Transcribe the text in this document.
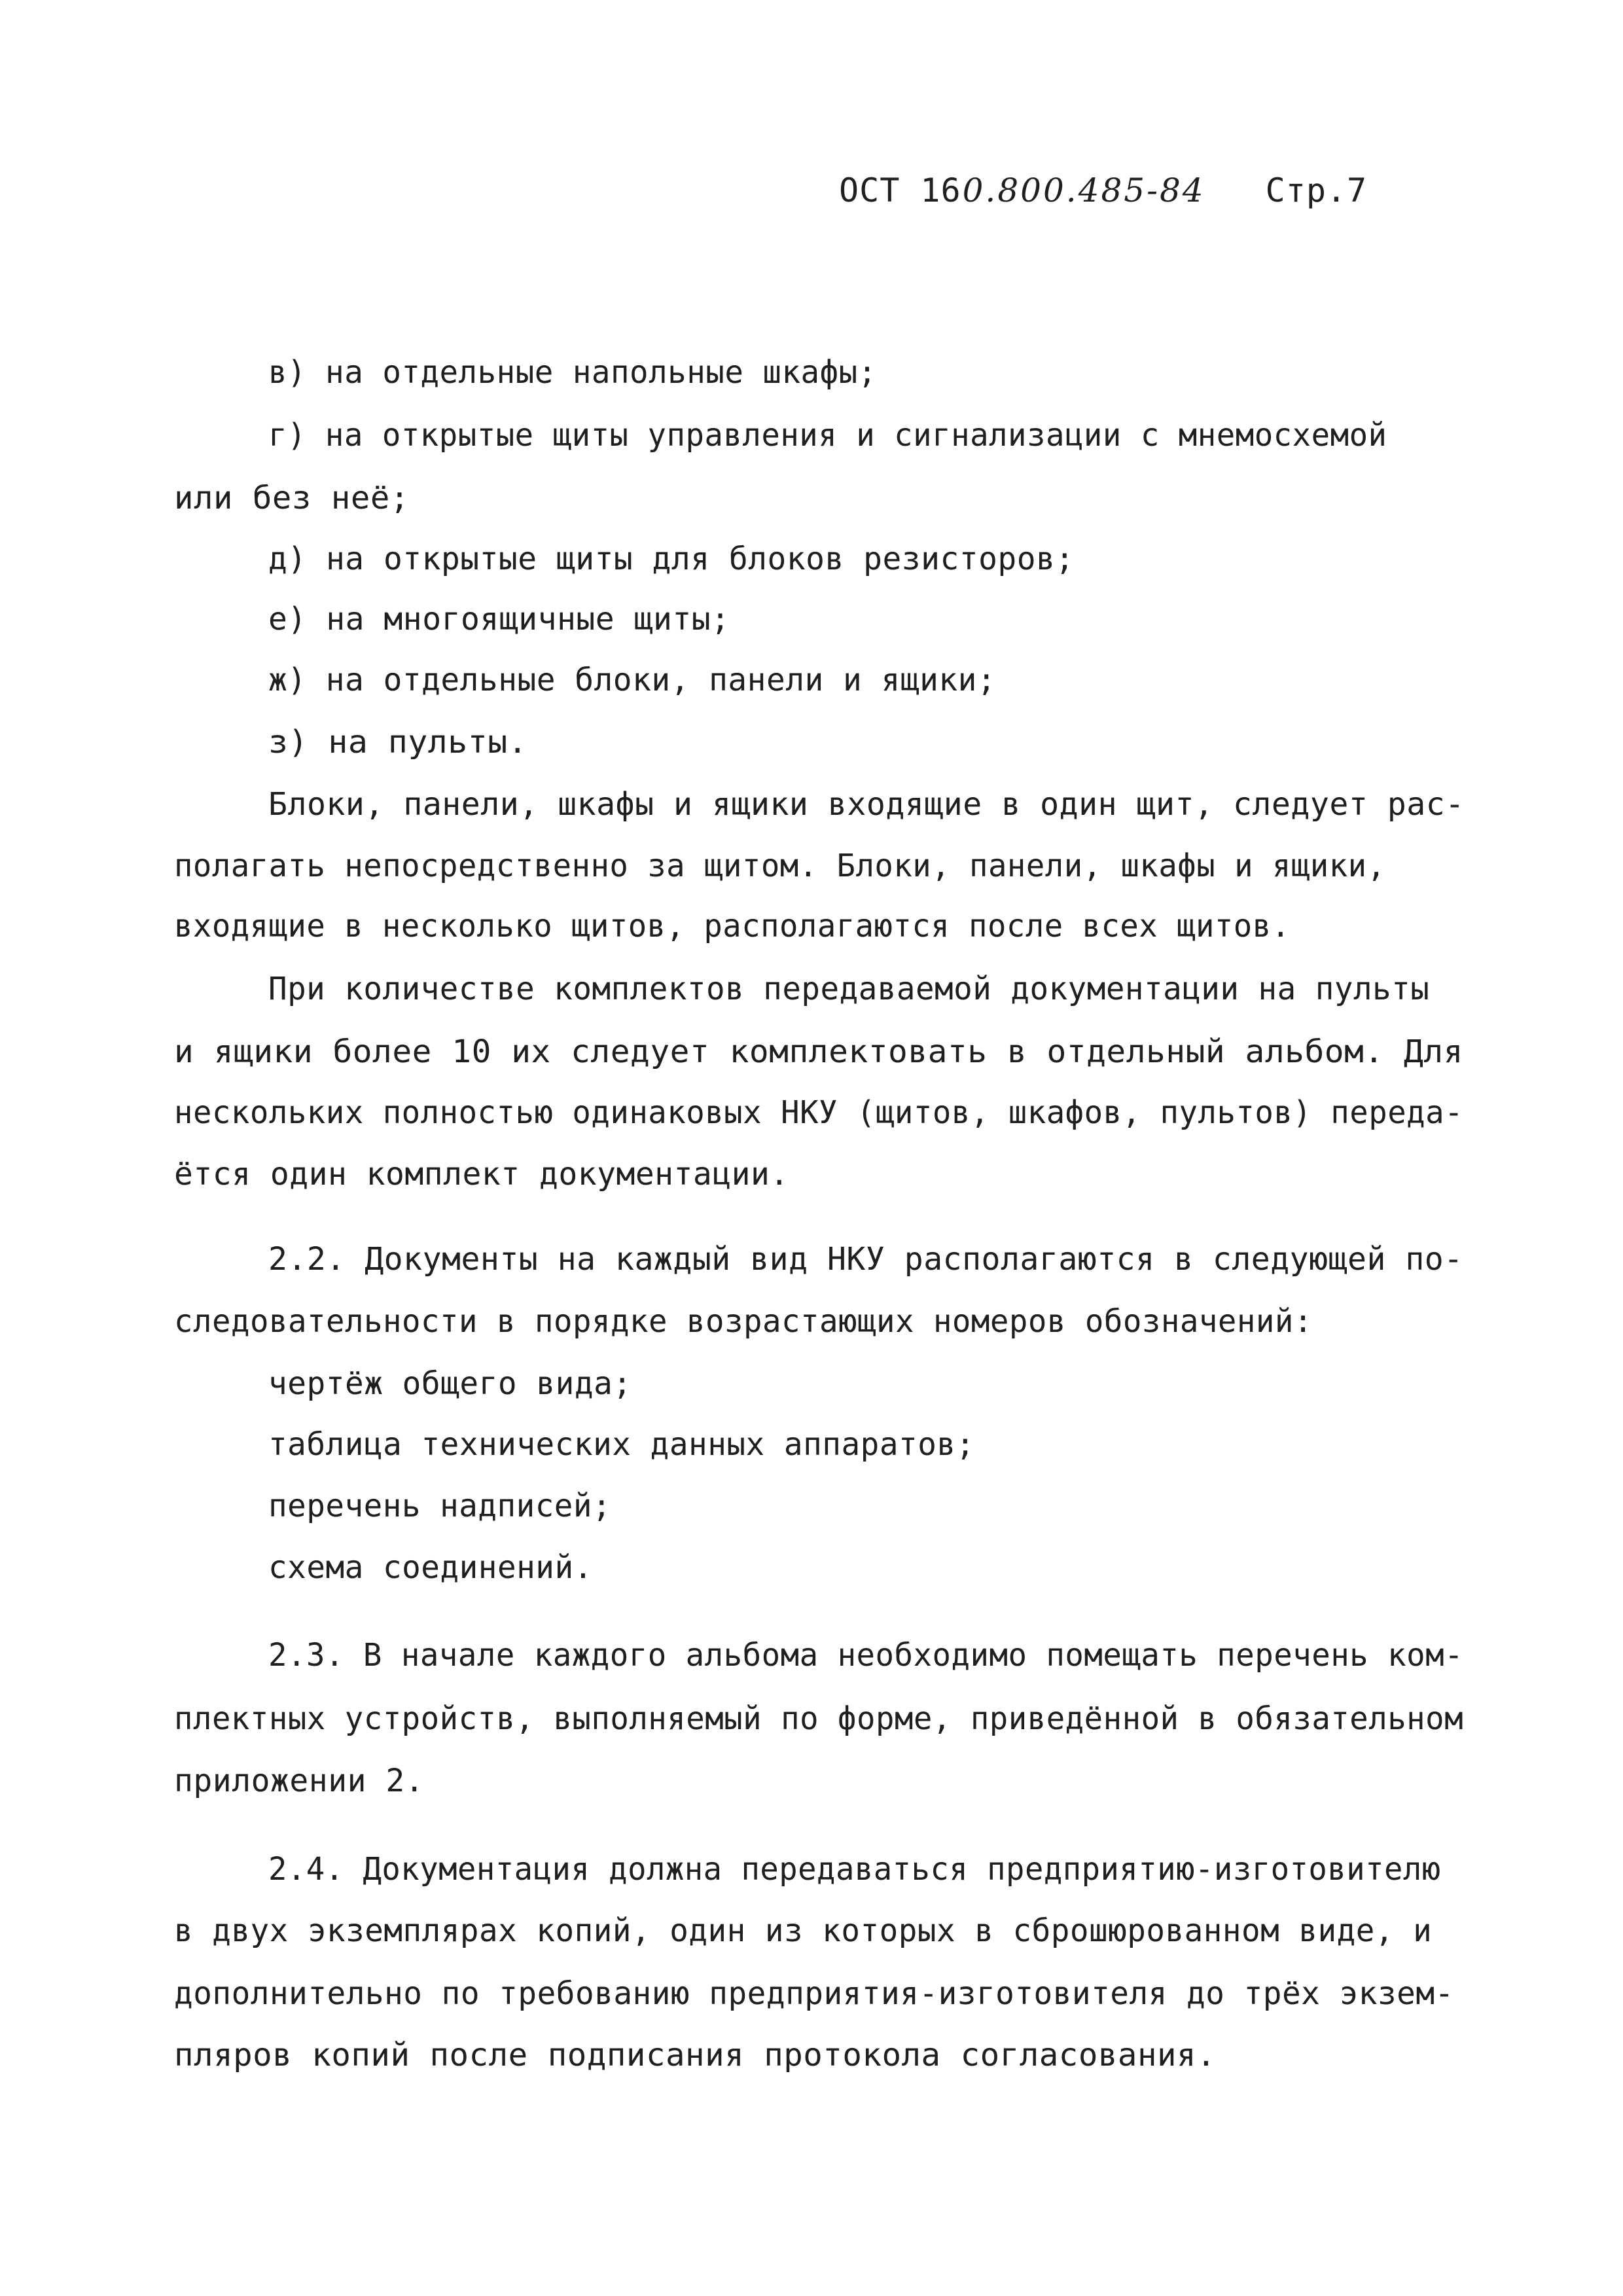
ОСТ 160.800.485-84 Стр.7
в) на отдельные напольные шкафы;
г) на открытые щиты управления и сигнализации с мнемосхемой
или без неё;
д) на открытые щиты для блоков резисторов;
е) на многоящичные щиты;
ж) на отдельные блоки, панели и ящики;
з) на пульты.
Блоки, панели, шкафы и ящики входящие в один щит, следует рас-
полагать непосредственно за щитом. Блоки, панели, шкафы и ящики,
входящие в несколько щитов, располагаются после всех щитов.
При количестве комплектов передаваемой документации на пульты
и ящики более 10 их следует комплектовать в отдельный альбом. Для
нескольких полностью одинаковых НКУ (щитов, шкафов, пультов) переда-
ётся один комплект документации.
2.2. Документы на каждый вид НКУ располагаются в следующей по-
следовательности в порядке возрастающих номеров обозначений:
чертёж общего вида;
таблица технических данных аппаратов;
перечень надписей;
схема соединений.
2.3. В начале каждого альбома необходимо помещать перечень ком-
плектных устройств, выполняемый по форме, приведённой в обязательном
приложении 2.
2.4. Документация должна передаваться предприятию-изготовителю
в двух экземплярах копий, один из которых в сброшюрованном виде, и
дополнительно по требованию предприятия-изготовителя до трёх экзем-
пляров копий после подписания протокола согласования.
